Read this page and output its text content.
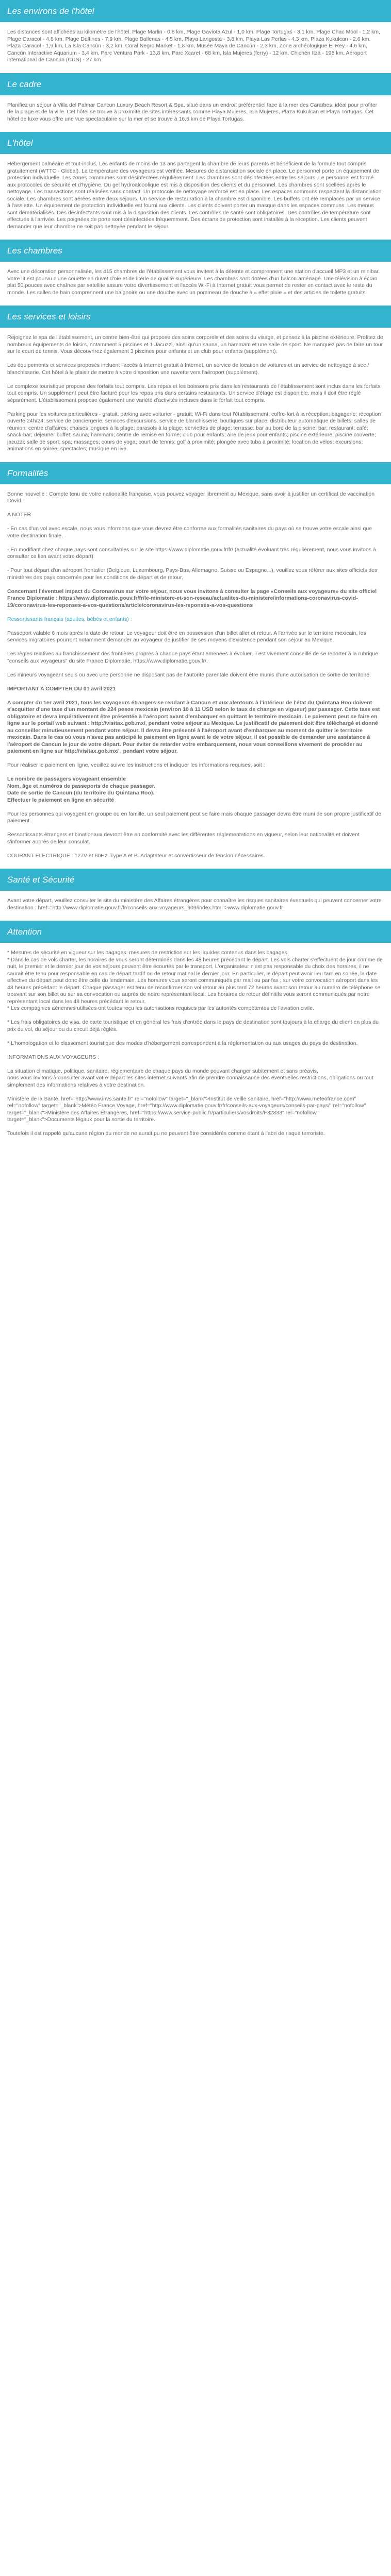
Les environs de l'hôtel

Les distances sont affichées au kilomètre de l'hôtel. Plage Marlin - 0,8 km, Plage Gaviota Azul - 1,0 km, Plage Tortugas - 3,1 km, Plage Chac Mool - 1,2 km, Plage Caracol - 4,8 km, Plage Delfines - 7,9 km, Plage Ballenas - 4,5 km, Playa Langosta - 3,8 km, Playa Las Perlas - 4,3 km, Plaza Kukulcan - 2,6 km, Plaza Caracol - 1,9 km, La Isla Cancún - 3,2 km, Coral Negro Market - 1,8 km, Musée Maya de Cancún - 2,3 km, Zone archéologique El Rey - 4,6 km, Cancún Interactive Aquarium - 3,4 km, Parc Ventura Park - 13,8 km, Parc Xcaret - 68 km, Isla Mujeres (ferry) - 12 km, Chichén Itzá - 198 km, Aéroport international de Cancún (CUN) - 27 km

Le cadre

Planifiez un séjour à Villa del Palmar Cancun Luxury Beach Resort & Spa, situé dans un endroit préférentiel face à la mer des Caraïbes, idéal pour profiter de la plage et de la ville. Cet hôtel se trouve à proximité de sites intéressants comme Playa Mujeres, Isla Mujeres, Plaza Kukulcan et Playa Tortugas. Cet hôtel de luxe vous offre une vue spectaculaire sur la mer et se trouve à 16,6 km de Playa Tortugas.

L'hôtel

Hébergement balnéaire et tout-inclus. Les enfants de moins de 13 ans partagent la chambre de leurs parents et bénéficient de la formule tout compris gratuitement (WTTC - Global). La température des voyageurs est vérifiée. Mesures de distanciation sociale en place. Le personnel porte un équipement de protection individuelle. Les zones communes sont désinfectées régulièrement. Les chambres sont désinfectées entre les séjours. Le personnel est formé aux protocoles de sécurité et d'hygiène. Du gel hydroalcoolique est mis à disposition des clients et du personnel. Les chambres sont scellées après le nettoyage. Les transactions sont réalisées sans contact. Un protocole de nettoyage renforcé est en place. Les espaces communs respectent la distanciation sociale. Les chambres sont aérées entre deux séjours. Un service de restauration à la chambre est disponible. Les buffets ont été remplacés par un service à l'assiette. Un équipement de protection individuelle est fourni aux clients. Les clients doivent porter un masque dans les espaces communs. Les menus sont dématérialisés. Des désinfectants sont mis à la disposition des clients. Les contrôles de santé sont obligatoires. Des contrôles de température sont effectués à l'arrivée. Les poignées de porte sont désinfectées fréquemment. Des écrans de protection sont installés à la réception. Les clients peuvent demander que leur chambre ne soit pas nettoyée pendant le séjour.

Les chambres

Avec une décoration personnalisée, les 415 chambres de l'établissement vous invitent à la détente et comprennent une station d'accueil MP3 et un minibar. Votre lit est pourvu d'une couette en duvet d'oie et de literie de qualité supérieure. Les chambres sont dotées d'un balcon aménagé. Une télévision à écran plat 50 pouces avec chaînes par satellite assure votre divertissement et l'accès Wi-Fi à Internet gratuit vous permet de rester en contact avec le reste du monde. Les salles de bain comprennent une baignoire ou une douche avec un pommeau de douche à « effet pluie » et des articles de toilette gratuits.

Les services et loisirs

Rejoignez le spa de l'établissement, un centre bien-être qui propose des soins corporels et des soins du visage, et pensez à la piscine extérieure. Profitez de nombreux équipements de loisirs, notamment 5 piscines et 1 Jacuzzi, ainsi qu'un sauna, un hammam et une salle de sport. Ne manquez pas de faire un tour sur le court de tennis. Vous découvrirez également 3 piscines pour enfants et un club pour enfants (supplément).

Les équipements et services proposés incluent l'accès à Internet gratuit à Internet, un service de location de voitures et un service de nettoyage à sec / blanchisserie. Cet hôtel à le plaisir de mettre à votre disposition une navette vers l'aéroport (supplément).

Le complexe touristique propose des forfaits tout compris. Les repas et les boissons pris dans les restaurants de l'établissement sont inclus dans les forfaits tout compris. Un supplément peut être facturé pour les repas pris dans certains restaurants. Un service d'étage est disponible, mais il doit être réglé séparément. L'établissement propose également une variété d'activités incluses dans le forfait tout compris.

Parking pour les voitures particulières - gratuit; parking avec voiturier - gratuit; Wi-Fi dans tout l'établissement; coffre-fort à la réception; bagagerie; réception ouverte 24h/24; service de conciergerie; services d'excursions; service de blanchisserie; boutiques sur place; distributeur automatique de billets; salles de réunion; centre d'affaires; chaises longues à la plage; parasols à la plage; serviettes de plage; terrasse; bar au bord de la piscine; bar; restaurant; café; snack-bar; déjeuner buffet; sauna; hammam; centre de remise en forme; club pour enfants; aire de jeux pour enfants; piscine extérieure; piscine couverte; jacuzzi; salle de sport; spa; massages; cours de yoga; court de tennis; golf à proximité; plongée avec tuba à proximité; location de vélos; excursions; animations en soirée; spectacles; musique en live.

Formalités

Bonne nouvelle : Compte tenu de votre nationalité française, vous pouvez voyager librement au Mexique, sans avoir à justifier un certificat de vaccination Covid.

A NOTER

- En cas d'un vol avec escale, nous vous informons que vous devrez être conforme aux formalités sanitaires du pays où se trouve votre escale ainsi que votre destination finale.

- En modifiant chez chaque pays sont consultables sur le site https://www.diplomatie.gouv.fr/fr/ (actualité évoluant très régulièrement, nous vous invitons à consulter ce lien avant votre départ)

- Pour tout départ d'un aéroport frontalier (Belgique, Luxembourg, Pays-Bas, Allemagne, Suisse ou Espagne...), veuillez vous référer aux sites officiels des ministères des pays concernés pour les conditions de départ et de retour.

Concernant l'éventuel impact du Coronavirus sur votre séjour, nous vous invitons à consulter la page «Conseils aux voyageurs» du site officiel France Diplomatie : https://www.diplomatie.gouv.fr/fr/le-ministere-et-son-reseau/actualites-du-ministere/informations-coronavirus-covid-19/coronavirus-les-reponses-a-vos-questions/article/coronavirus-les-reponses-a-vos-questions

Ressortissants français (adultes, bébés et enfants) :

Passeport valable 6 mois après la date de retour. Le voyageur doit être en possession d'un billet aller et retour. A l'arrivée sur le territoire mexicain, les services migratoires pourront notamment demander au voyageur de justifier de ses moyens d'existence pendant son séjour au Mexique.

Les règles relatives au franchissement des frontières propres à chaque pays étant amenées à évoluer, il est vivement conseillé de se reporter à la rubrique "conseils aux voyageurs" du site France Diplomatie, https://www.diplomatie.gouv.fr/.

Les mineurs voyageant seuls ou avec une personne ne disposant pas de l'autorité parentale doivent être munis d'une autorisation de sortie de territoire.

IMPORTANT A COMPTER DU 01 avril 2021

A compter du 1er avril 2021, tous les voyageurs étrangers se rendant à Cancun et aux alentours à l'intérieur de l'état du Quintana Roo doivent s'acquitter d'une taxe d'un montant de 224 pesos mexicain (environ 10 à 11 USD selon le taux de change en vigueur) par passager. Cette taxe est obligatoire et devra impérativement être présentée à l'aéroport avant d'embarquer en quittant le territoire mexicain. Le paiement peut se faire en ligne sur le portail web suivant : http://visitax.gob.mx/, pendant votre séjour au Mexique. Le justificatif de paiement doit être téléchargé et donné au conseiller minutieusement pendant votre séjour. Il devra être présenté à l'aéroport avant d'embarquer au moment de quitter le territoire mexicain. Dans le cas où vous n'avez pas anticipé le paiement en ligne avant le de votre séjour, il est possible de demander une assistance à l'aéroport de Cancun le jour de votre départ. Pour éviter de retarder votre embarquement, nous vous conseillons vivement de procéder au paiement en ligne sur http://visitax.gob.mx/ , pendant votre séjour.

Pour réaliser le paiement en ligne, veuillez suivre les instructions et indiquer les informations requises, soit :

Le nombre de passagers voyageant ensemble
Nom, âge et numéros de passeports de chaque passager.
Date de sortie de Cancun (du territoire du Quintana Roo).
Effectuer le paiement en ligne en sécurité

Pour les personnes qui voyagent en groupe ou en famille, un seul paiement peut se faire mais chaque passager devra être muni de son propre justificatif de paiement.

Ressortissants étrangers et binationaux devront être en conformité avec les différentes réglementations en vigueur, selon leur nationalité et doivent s'informer auprès de leur consulat.

COURANT ELECTRIQUE : 127V et 60Hz. Type A et B. Adaptateur et convertisseur de tension nécessaires.

Santé et Sécurité

Avant votre départ, veuillez consulter le site du ministère des Affaires étrangères pour connaître les risques sanitaires éventuels qui peuvent concerner votre destination : href="http://www.diplomatie.gouv.fr/fr/conseils-aux-voyageurs_909/index.html">www.diplomatie.gouv.fr

Attention

* Mesures de sécurité en vigueur sur les bagages: mesures de restriction sur les liquides contenus dans les bagages.
* Dans le cas de vols charter, les horaires de vous seront déterminés dans les 48 heures précédant le départ. Les vols charter s'effectuent de jour comme de nuit, le premier et le dernier jour de vos séjours peuvent être écourtés par le transport. L'organisateur n'est pas responsable du choix des horaires, il ne saurait être tenu pour responsable en cas de départ tardif ou de retour matinal le dernier jour. En particulier, le départ peut avoir lieu tard en soirée, la date effective du départ peut donc être celle du lendemain. Les horaires vous seront communiqués par mail ou par fax ; sur votre convocation aéroport dans les 48 heures précédant le départ. Chaque passager est tenu de reconfirmer son vol retour au plus tard 72 heures avant son retour au numéro de téléphone se trouvant sur son billet ou sur sa convocation ou auprès de notre représentant local. Les horaires de retour définitifs vous seront communiqués par notre représentant local dans les 48 heures précédant le retour.
* Les compagnies aériennes utilisées ont toutes reçu les autorisations requises par les autorités compétentes de l'aviation civile.

* Les frais obligatoires de visa, de carte touristique et en général les frais d'entrée dans le pays de destination sont toujours à la charge du client en plus du prix du vol, du séjour ou du circuit déjà réglés.

* L'homologation et le classement touristique des modes d'hébergement correspondent à la réglementation ou aux usages du pays de destination.

INFORMATIONS AUX VOYAGEURS :

La situation climatique, politique, sanitaire, réglementaire de chaque pays du monde pouvant changer subitement et sans préavis,
nous vous invitons à consulter avant votre départ les sites internet suivants afin de prendre connaissance des éventuelles restrictions, obligations ou tout simplement des informations relatives à votre destination.

Ministère de la Santé, href="http://www.invs.sante.fr" rel="nofollow" target="_blank">Institut de veille sanitaire, href="http://www.meteofrance.com" rel="nofollow" target="_blank">Météo France Voyage, href="http://www.diplomatie.gouv.fr/fr/conseils-aux-voyageurs/conseils-par-pays/" rel="nofollow" target="_blank">Ministère des Affaires Étrangères, href="https://www.service-public.fr/particuliers/vosdroits/F32833" rel="nofollow" target="_blank">Documents légaux pour la sortie du territoire.

Toutefois il est rappelé qu'aucune région du monde ne aurait pu ne peuvent être considérés comme étant à l'abri de risque terroriste.
